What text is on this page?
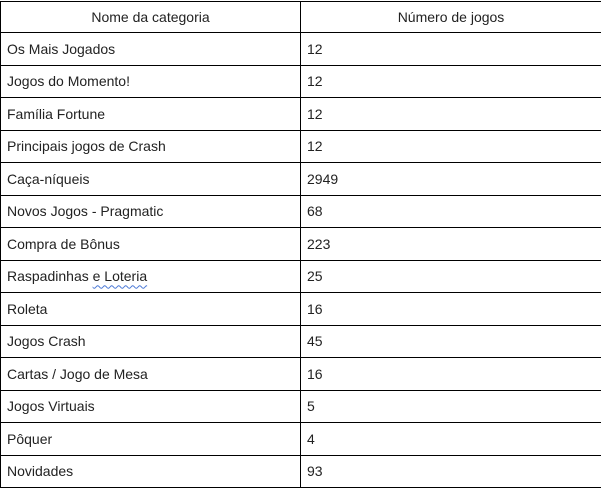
Nome da categoria	Número de jogos
Os Mais Jogados	12
Jogos do Momento!	12
Família Fortune	12
Principais jogos de Crash	12
Caça-níqueis	2949
Novos Jogos - Pragmatic	68
Compra de Bônus	223
Raspadinhas e Loteria	25
Roleta	16
Jogos Crash	45
Cartas / Jogo de Mesa	16
Jogos Virtuais	5
Pôquer	4
Novidades	93
